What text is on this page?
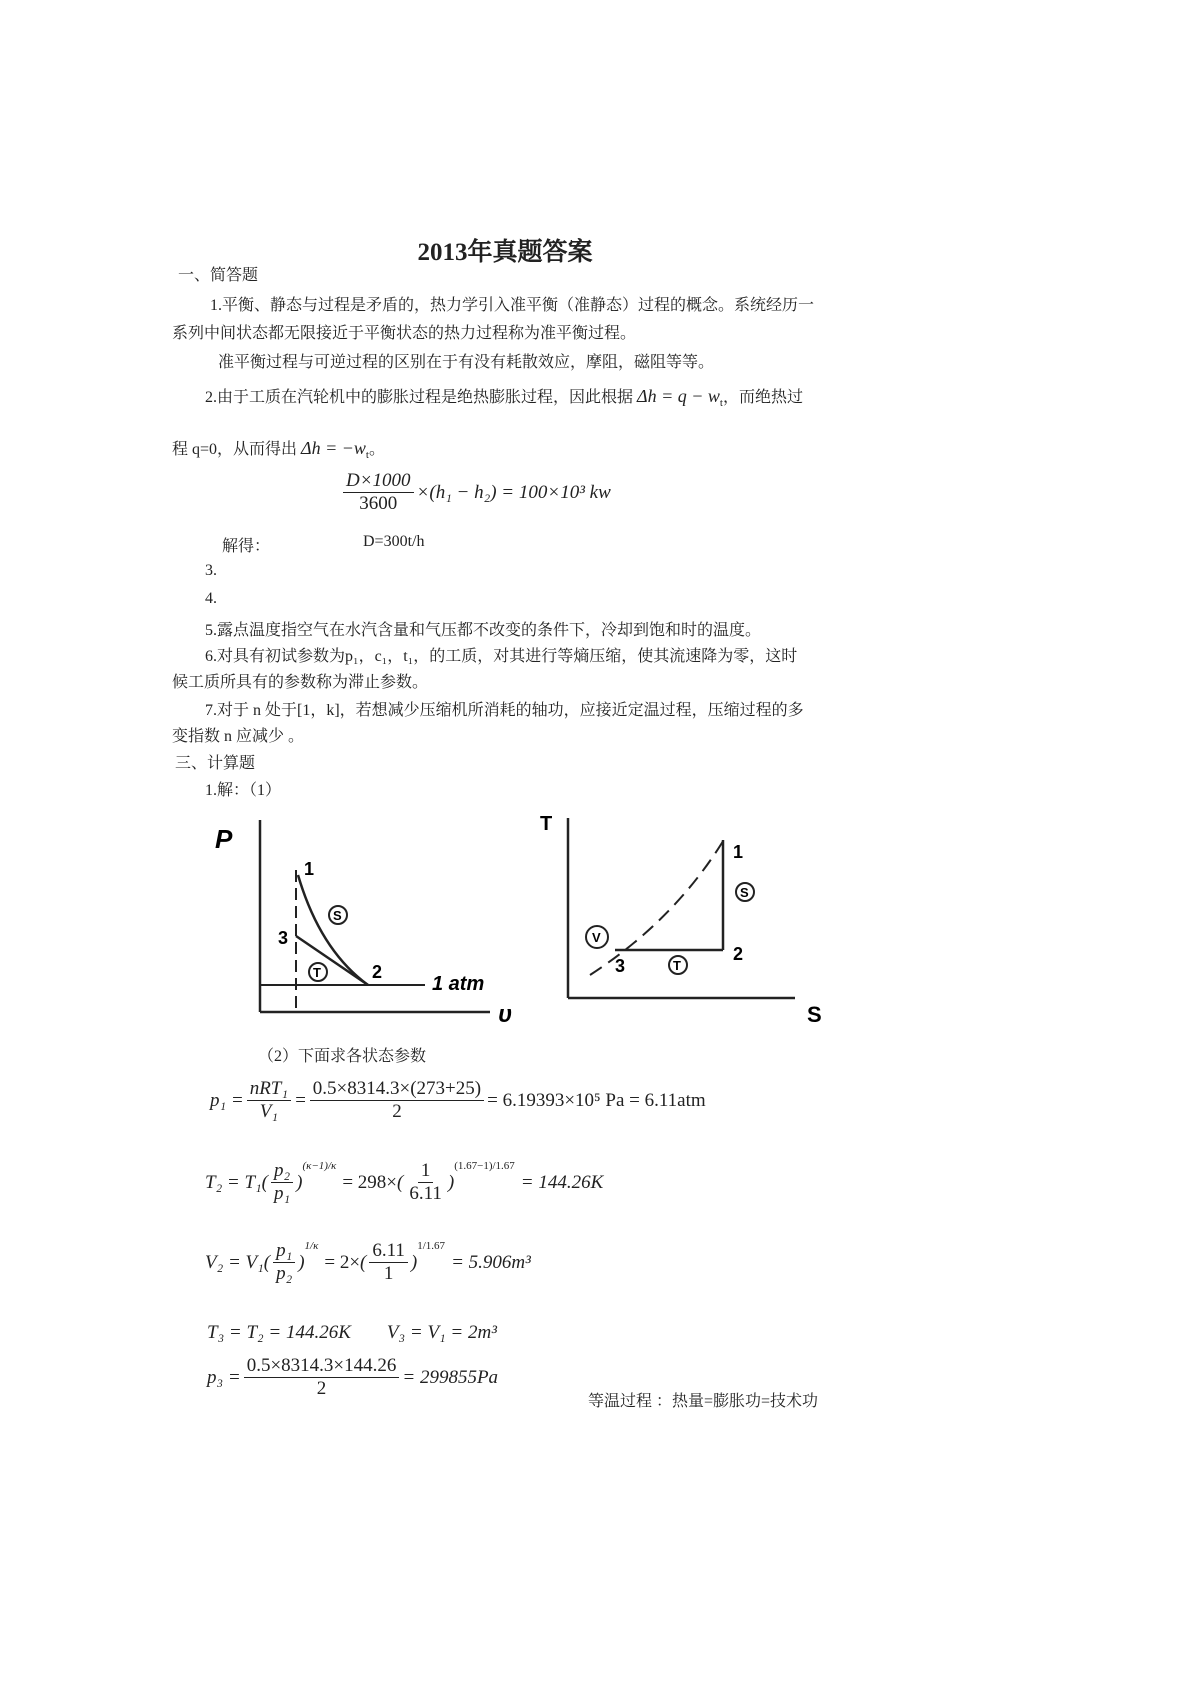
2013年真题答案
一、简答题
1.平衡、静态与过程是矛盾的，热力学引入准平衡（准静态）过程的概念。系统经历一
系列中间状态都无限接近于平衡状态的热力过程称为准平衡过程。
准平衡过程与可逆过程的区别在于有没有耗散效应，摩阻，磁阻等等。
2.由于工质在汽轮机中的膨胀过程是绝热膨胀过程，因此根据 $\Delta h = q - w_t$，而绝热过
程 q=0，从而得出 $\Delta h = -w_t$。
$\frac{D\times 1000}{3600} \times(h_1 - h_2) = 100\times 10^3$ kw
解得：	D=300t/h
3.
4.
5.露点温度指空气在水汽含量和气压都不改变的条件下，冷却到饱和时的温度。
6.对具有初试参数为p₁，c₁，t₁，的工质，对其进行等熵压缩，使其流速降为零，这时
候工质所具有的参数称为滞止参数。
7.对于 n 处于[1，k]，若想减少压缩机所消耗的轴功，应接近定温过程，压缩过程的多
变指数 n 应减少 。
三、计算题
1.解：（1）
P
υ
1
3
2
S
T
1 atm
T
S
1
2
3
S
T
V
（2）下面求各状态参数
$p_1 = \frac{\text{nRT₁}}{\text{V₁}} = \frac{0.5\times 8314.3\times(273+25)}{2} = 6.19393\times 10^5$ Pa = 6.11atm
T₂ = T₁ ( $\frac{\text{p₂}}{\text{p₁}}$ )
$^{(\kappa-1)/\kappa}$
= 298× ( $\frac{1}{6.11}$ )
$^{(1.67-1)/1.67}$
= 144.26K
V₂ = V₁ ( $\frac{\text{p₁}}{\text{p₂}}$ )
$^{1/\kappa}$
= 2× ( $\frac{6.11}{1}$ )
$^{1/1.67}$
= 5.906m³
T₃ = T₂ = 144.26K V₃ = V₁ = 2m³
$p_3 = \frac{0.5\times 8314.3\times 144.26}{2} = 299855Pa$
等温过程 ：热量=膨胀功=技术功
